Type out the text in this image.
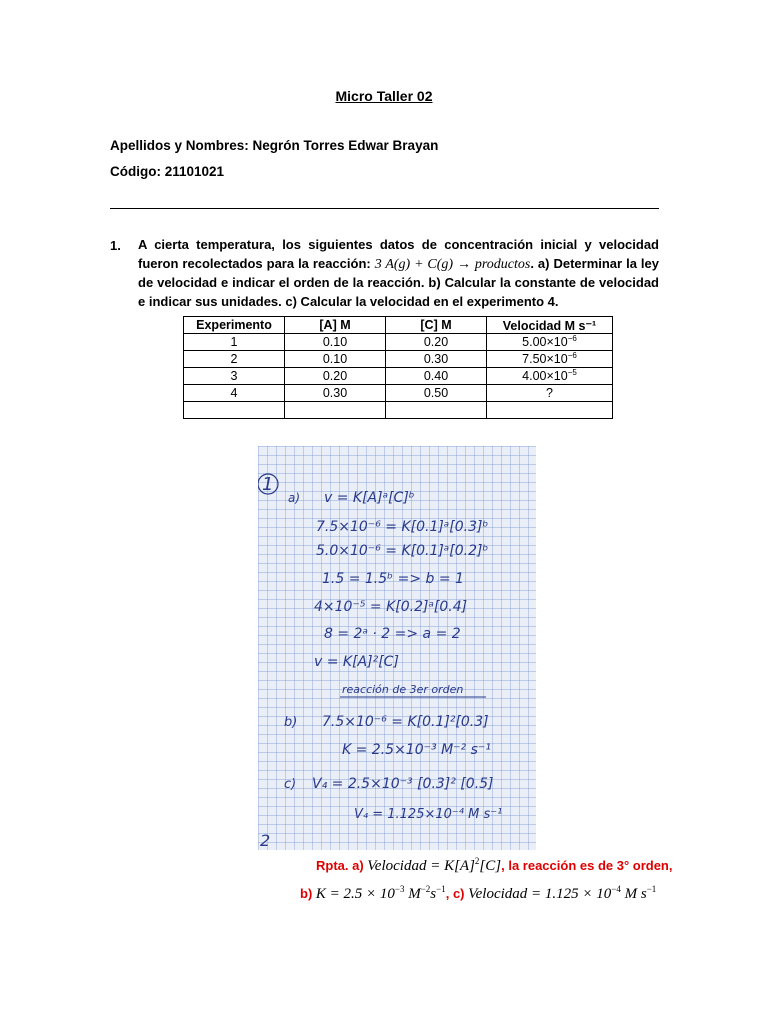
Micro Taller 02
Apellidos y Nombres: Negrón Torres Edwar Brayan
Código: 21101021
1. A cierta temperatura, los siguientes datos de concentración inicial y velocidad fueron recolectados para la reacción: 3 A(g) + C(g) → productos. a) Determinar la ley de velocidad e indicar el orden de la reacción. b) Calcular la constante de velocidad e indicar sus unidades. c) Calcular la velocidad en el experimento 4.
Experimento	[A] M	[C] M	Velocidad M s⁻¹
1	0.10	0.20	$5.00\times 10^{-6}$
2	0.10	0.30	$7.50\times 10^{-6}$
3	0.20	0.40	$4.00\times 10^{-5}$
4	0.30	0.50	?

1
a) v = K[A]ᵃ[C]ᵇ
7.5×10⁻⁶ = K[0.1]ᵃ[0.3]ᵇ
5.0×10⁻⁶ = K[0.1]ᵃ[0.2]ᵇ
1.5 = 1.5ᵇ => b = 1
4×10⁻⁵ = K[0.2]ᵃ[0.4]
8 = 2ᵃ · 2 => a = 2
v = K[A]²[C]
reacción de 3er orden
b) 7.5×10⁻⁶ = K[0.1]²[0.3]
K = 2.5×10⁻³ M⁻² s⁻¹
c) V₄ = 2.5×10⁻³ [0.3]² [0.5]
V₄ = 1.125×10⁻⁴ M s⁻¹
2
Rpta. a) Velocidad = $K[A]^2[C]$, la reacción es de 3° orden,
b) $K = 2.5 \times 10^{-3}$ $M^{-2}s^{-1}$, c) Velocidad = $1.125 \times 10^{-4}$ M $s^{-1}$
